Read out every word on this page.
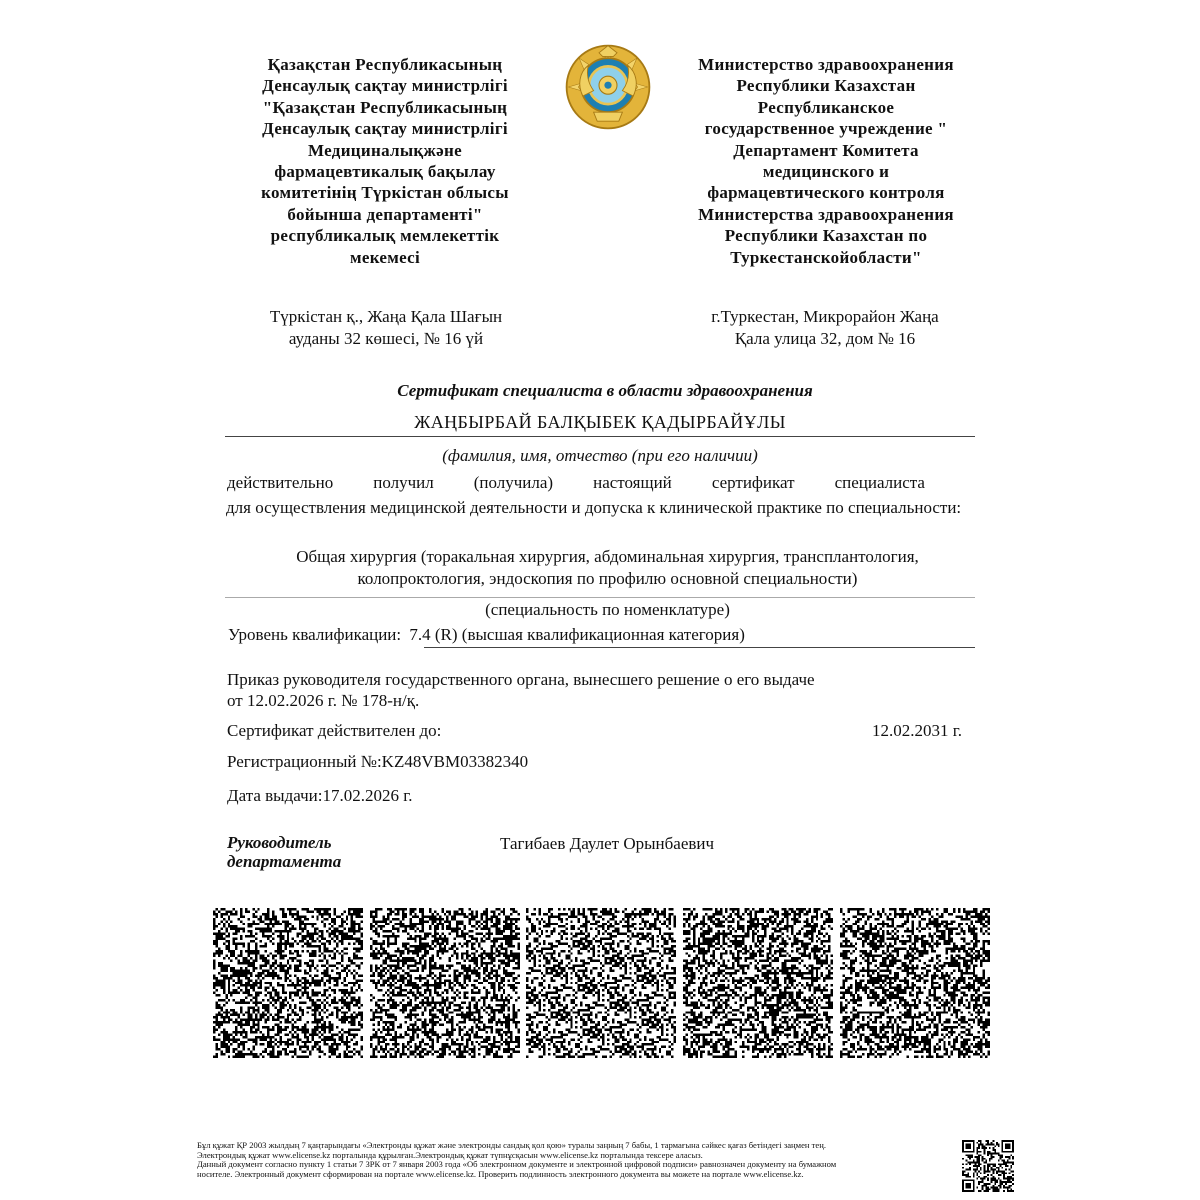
Қазақстан Республикасының
Денсаулық сақтау министрлігі
"Қазақстан Республикасының
Денсаулық сақтау министрлігі
Медициналықжәне
фармацевтикалық бақылау
комитетінің Түркістан облысы
бойынша департаменті"
республикалық мемлекеттік
мекемесі
Министерство здравоохранения
Республики Казахстан
Республиканское
государственное учреждение "
Департамент Комитета
медицинского и
фармацевтического контроля
Министерства здравоохранения
Республики Казахстан по
Туркестанскойобласти"
Түркістан қ., Жаңа Қала Шағын
ауданы 32 көшесі, № 16 үй
г.Туркестан, Микрорайон Жаңа
Қала улица 32, дом № 16
Сертификат специалиста в области здравоохранения
ЖАҢБЫРБАЙ БАЛҚЫБЕК ҚАДЫРБАЙҰЛЫ
(фамилия, имя, отчество (при его наличии)
действительно получил (получила) настоящий сертификат специалиста
для осуществления медицинской деятельности и допуска к клинической практике по специальности:
Общая хирургия (торакальная хирургия, абдоминальная хирургия, трансплантология,
колопроктология, эндоскопия по профилю основной специальности)
(специальность по номенклатуре)
Уровень квалификации: 7.4 (R) (высшая квалификационная категория)
Приказ руководителя государственного органа, вынесшего решение о его выдаче
от 12.02.2026 г. № 178-н/қ.
Сертификат действителен до:	12.02.2031 г.
Регистрационный №:KZ48VBM03382340
Дата выдачи:17.02.2026 г.
Руководитель
департамента
Тагибаев Даулет Орынбаевич
Бұл құжат ҚР 2003 жылдың 7 қаңтарындағы «Электронды құжат және электронды сандық қол қою» туралы заңның 7 бабы, 1 тармағына сәйкес қағаз бетіндегі заңмен тең.
Электрондық құжат www.elicense.kz порталында құрылған.Электрондық құжат түпнұсқасын www.elicense.kz порталында тексере аласыз.
Данный документ согласно пункту 1 статьи 7 ЗРК от 7 января 2003 года «Об электронном документе и электронной цифровой подписи» равнозначен документу на бумажном
носителе. Электронный документ сформирован на портале www.elicense.kz. Проверить подлинность электронного документа вы можете на портале www.elicense.kz.
